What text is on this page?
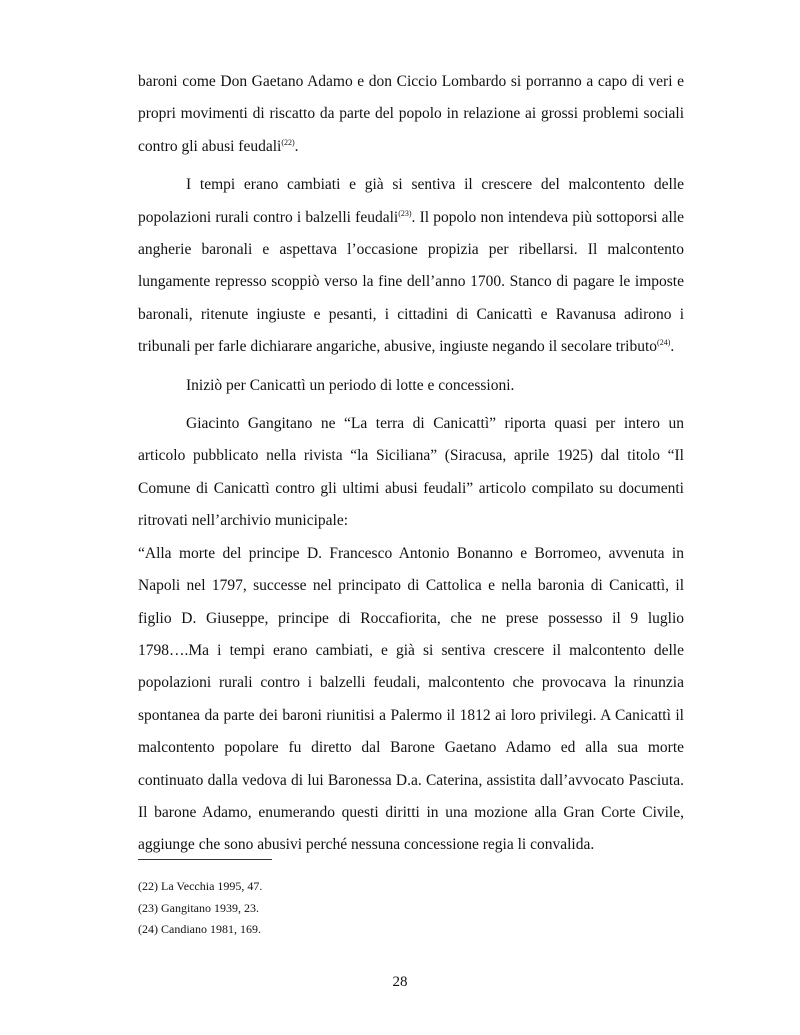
baroni come Don Gaetano Adamo e don Ciccio Lombardo si porranno a capo di veri e propri movimenti di riscatto da parte del popolo in relazione ai grossi problemi sociali contro gli abusi feudali$^{(22)}$.

I tempi erano cambiati e già si sentiva il crescere del malcontento delle popolazioni rurali contro i balzelli feudali$^{(23)}$. Il popolo non intendeva più sottoporsi alle angherie baronali e aspettava l’occasione propizia per ribellarsi. Il malcontento lungamente represso scoppiò verso la fine dell’anno 1700. Stanco di pagare le imposte baronali, ritenute ingiuste e pesanti, i cittadini di Canicattì e Ravanusa adirono i tribunali per farle dichiarare angariche, abusive, ingiuste negando il secolare tributo$^{(24)}$.

Iniziò per Canicattì un periodo di lotte e concessioni.

Giacinto Gangitano ne “La terra di Canicattì” riporta quasi per intero un articolo pubblicato nella rivista “la Siciliana” (Siracusa, aprile 1925) dal titolo “Il Comune di Canicattì contro gli ultimi abusi feudali” articolo compilato su documenti ritrovati nell’archivio municipale:

“Alla morte del principe D. Francesco Antonio Bonanno e Borromeo, avvenuta in Napoli nel 1797, successe nel principato di Cattolica e nella baronia di Canicattì, il figlio D. Giuseppe, principe di Roccafiorita, che ne prese possesso il 9 luglio 1798….Ma i tempi erano cambiati, e già si sentiva crescere il malcontento delle popolazioni rurali contro i balzelli feudali, malcontento che provocava la rinunzia spontanea da parte dei baroni riunitisi a Palermo il 1812 ai loro privilegi. A Canicattì il malcontento popolare fu diretto dal Barone Gaetano Adamo ed alla sua morte continuato dalla vedova di lui Baronessa D.a. Caterina, assistita dall’avvocato Pasciuta. Il barone Adamo, enumerando questi diritti in una mozione alla Gran Corte Civile, aggiunge che sono abusivi perché nessuna concessione regia li convalida.

(22) La Vecchia 1995, 47.
(23) Gangitano 1939, 23.
(24) Candiano 1981, 169.
28
